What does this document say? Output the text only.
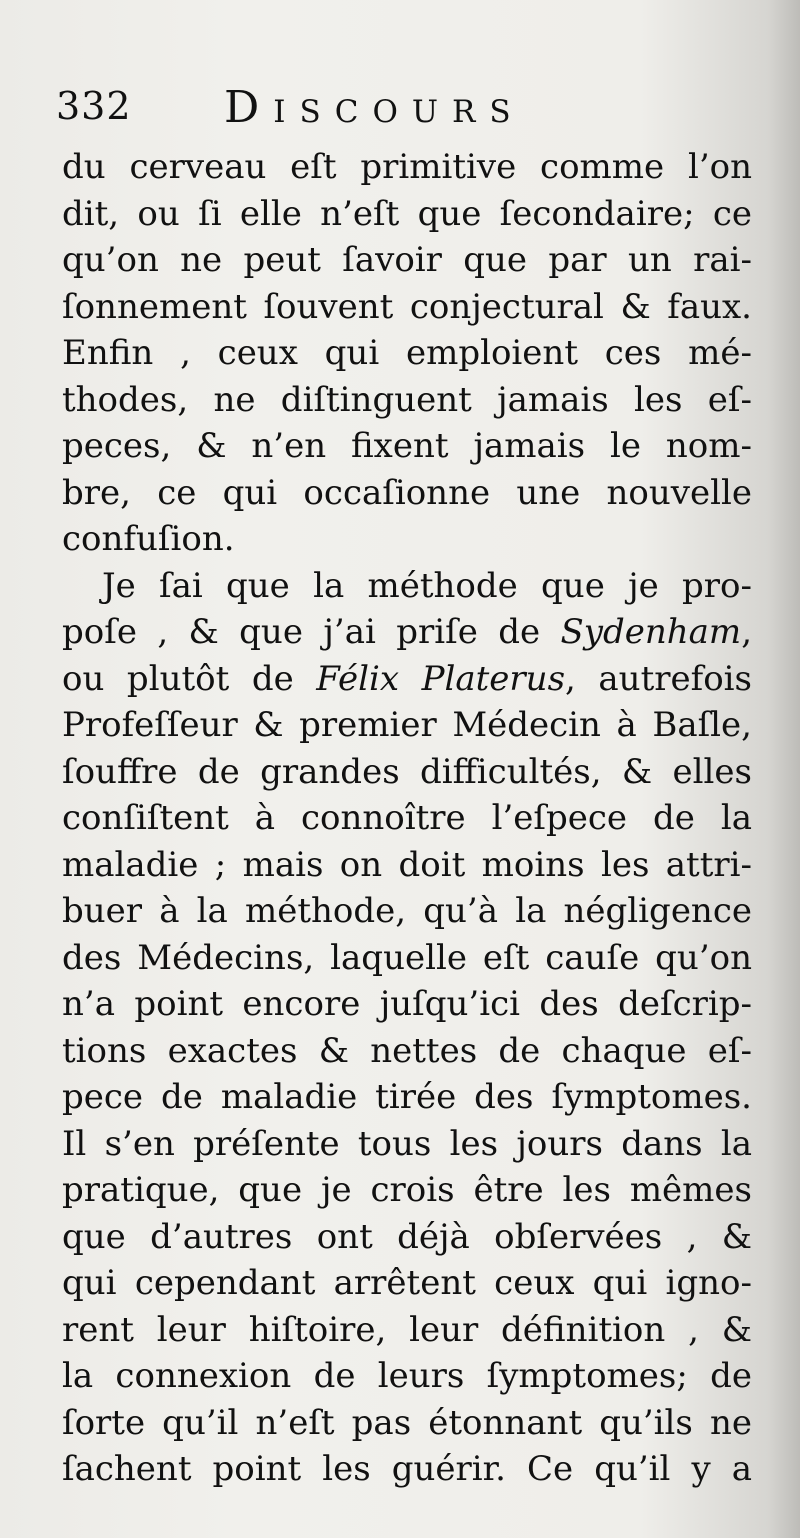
332 Discours
du cerveau eſt primitive comme l’on
dit, ou ſi elle n’eſt que ſecondaire; ce
qu’on ne peut ſavoir que par un rai-
ſonnement ſouvent conjectural & faux.
Enfin , ceux qui emploient ces mé-
thodes, ne diſtinguent jamais les eſ-
peces, & n’en fixent jamais le nom-
bre, ce qui occaſionne une nouvelle
confuſion.
Je ſai que la méthode que je pro-
poſe , & que j’ai priſe de Sydenham,
ou plutôt de Félix Platerus, autrefois
Profeſſeur & premier Médecin à Baſle,
ſouffre de grandes difficultés, & elles
conſiſtent à connoître l’eſpece de la
maladie ; mais on doit moins les attri-
buer à la méthode, qu’à la négligence
des Médecins, laquelle eſt cauſe qu’on
n’a point encore juſqu’ici des deſcrip-
tions exactes & nettes de chaque eſ-
pece de maladie tirée des ſymptomes.
Il s’en préſente tous les jours dans la
pratique, que je crois être les mêmes
que d’autres ont déjà obſervées , &
qui cependant arrêtent ceux qui igno-
rent leur hiſtoire, leur définition , &
la connexion de leurs ſymptomes; de
ſorte qu’il n’eſt pas étonnant qu’ils ne
ſachent point les guérir. Ce qu’il y a
